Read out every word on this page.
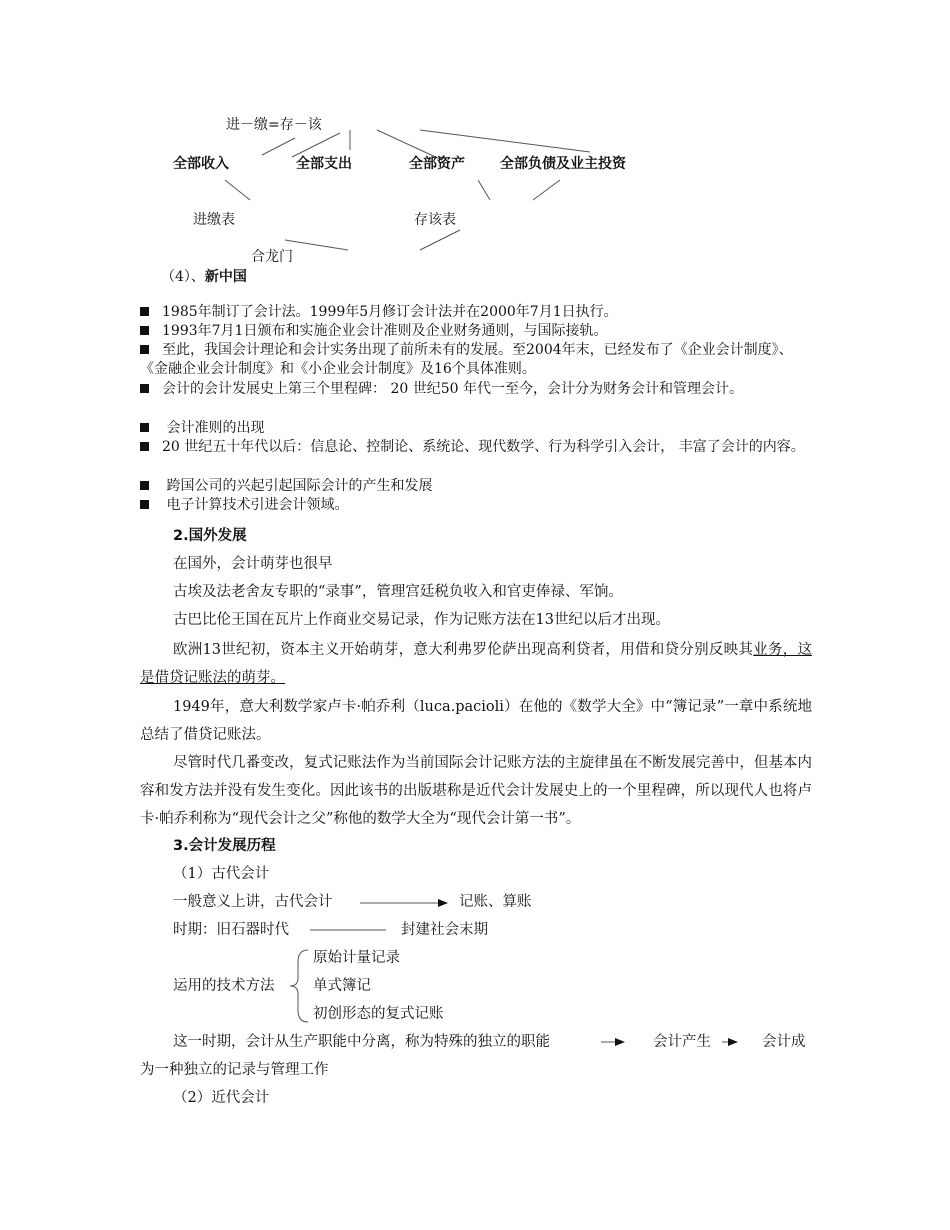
进－缴=存－该
全部收入	全部支出	全部资产	全部负债及业主投资
进缴表	存该表
合龙门
（4）、新中国
1985年制订了会计法。1999年5月修订会计法并在2000年7月1日执行。
1993年7月1日颁布和实施企业会计准则及企业财务通则，与国际接轨。
至此，我国会计理论和会计实务出现了前所未有的发展。至2004年末，已经发布了《企业会计制度》、《金融企业会计制度》和《小企业会计制度》及16个具体准则。
会计的会计发展史上第三个里程碑： 20 世纪50 年代一至今，会计分为财务会计和管理会计。
会计准则的出现
20 世纪五十年代以后：信息论、控制论、系统论、现代数学、行为科学引入会计， 丰富了会计的内容。
跨国公司的兴起引起国际会计的产生和发展
电子计算技术引进会计领域。
2.国外发展
在国外，会计萌芽也很早
古埃及法老舍友专职的“录事”，管理宫廷税负收入和官吏俸禄、军饷。
古巴比伦王国在瓦片上作商业交易记录，作为记账方法在13世纪以后才出现。
欧洲13世纪初，资本主义开始萌芽，意大利弗罗伦萨出现高利贷者，用借和贷分别反映其业务，这是借贷记账法的萌芽。
1949年，意大利数学家卢卡·帕乔利（luca.pacioli）在他的《数学大全》中“簿记录”一章中系统地总结了借贷记账法。
尽管时代几番变改，复式记账法作为当前国际会计记账方法的主旋律虽在不断发展完善中，但基本内容和发方法并没有发生变化。因此该书的出版堪称是近代会计发展史上的一个里程碑，所以现代人也将卢卡·帕乔利称为“现代会计之父”称他的数学大全为“现代会计第一书”。
3.会计发展历程
（1）古代会计
一般意义上讲，古代会计	记账、算账
时期：旧石器时代	封建社会末期
运用的技术方法
原始计量记录
单式簿记
初创形态的复式记账
这一时期，会计从生产职能中分离，称为特殊的独立的职能	会计产生	会计成
为一种独立的记录与管理工作
（2）近代会计
